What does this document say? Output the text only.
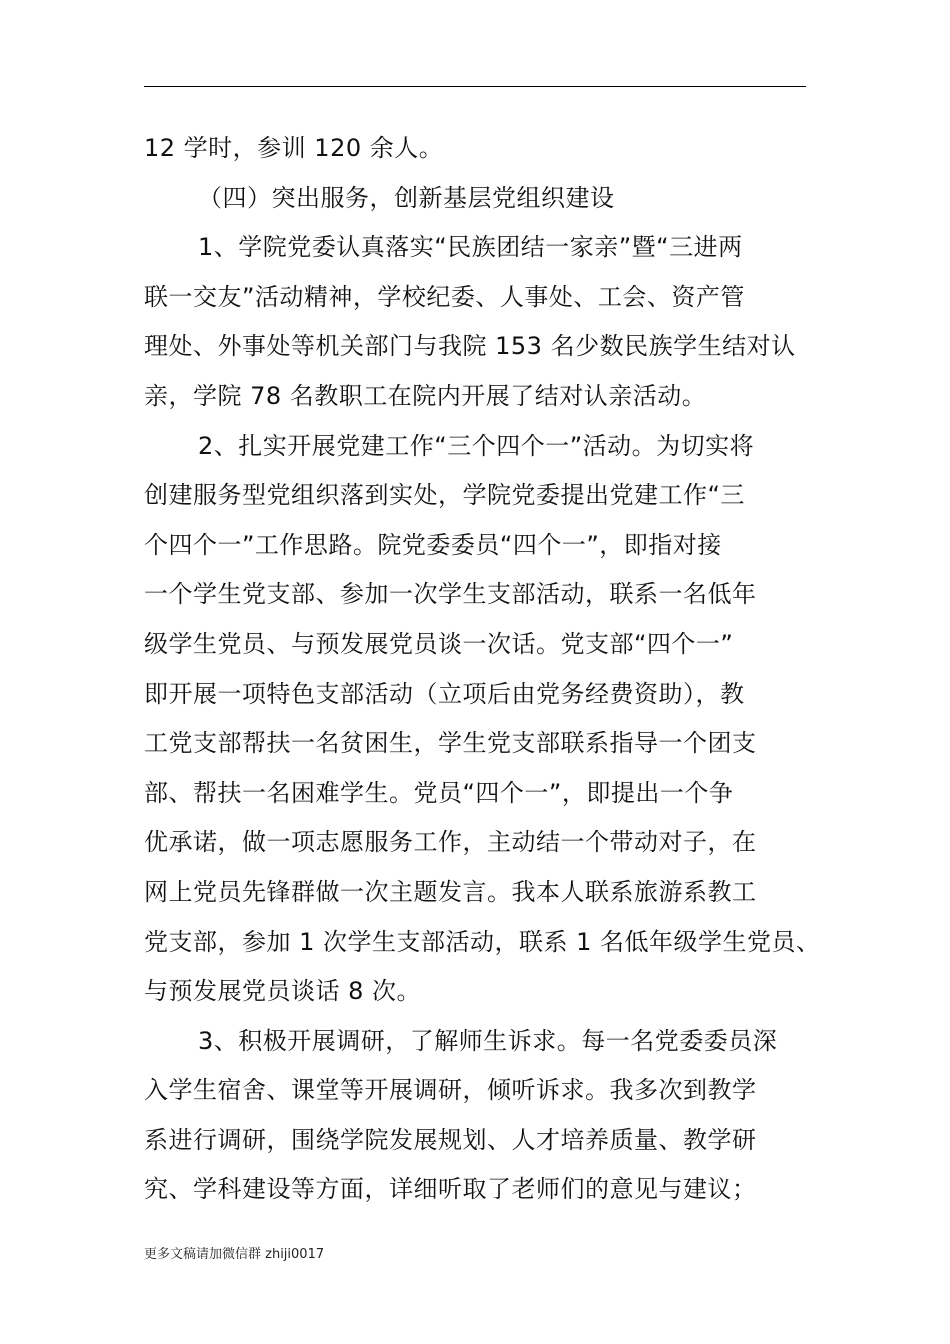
12 学时，参训 120 余人。
（四）突出服务，创新基层党组织建设
1、学院党委认真落实“民族团结一家亲”暨“三进两
联一交友”活动精神，学校纪委、人事处、工会、资产管
理处、外事处等机关部门与我院 153 名少数民族学生结对认
亲，学院 78 名教职工在院内开展了结对认亲活动。
2、扎实开展党建工作“三个四个一”活动。为切实将
创建服务型党组织落到实处，学院党委提出党建工作“三
个四个一”工作思路。院党委委员“四个一”，即指对接
一个学生党支部、参加一次学生支部活动，联系一名低年
级学生党员、与预发展党员谈一次话。党支部“四个一”
即开展一项特色支部活动（立项后由党务经费资助），教
工党支部帮扶一名贫困生，学生党支部联系指导一个团支
部、帮扶一名困难学生。党员“四个一”，即提出一个争
优承诺，做一项志愿服务工作，主动结一个带动对子，在
网上党员先锋群做一次主题发言。我本人联系旅游系教工
党支部，参加 1 次学生支部活动，联系 1 名低年级学生党员、
与预发展党员谈话 8 次。
3、积极开展调研，了解师生诉求。每一名党委委员深
入学生宿舍、课堂等开展调研，倾听诉求。我多次到教学
系进行调研，围绕学院发展规划、人才培养质量、教学研
究、学科建设等方面，详细听取了老师们的意见与建议；
更多文稿请加微信群 zhiji0017
